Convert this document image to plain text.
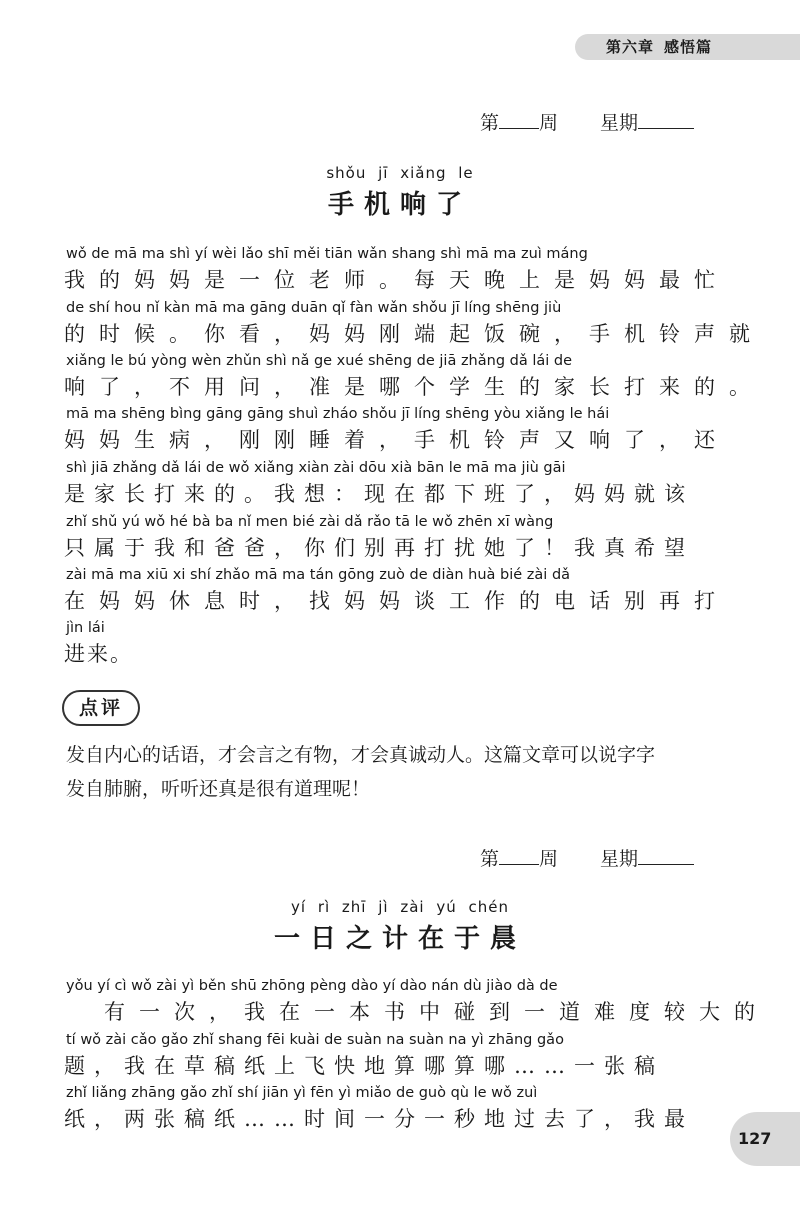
第六章 感悟篇
第 周 星期
shǒu jī xiǎng le
手机响了
wǒ de mā ma shì yí wèi lǎo shī měi tiān wǎn shang shì mā ma zuì máng
我的妈妈是一位老师。每天晚上是妈妈最忙
de shí hou nǐ kàn mā ma gāng duān qǐ fàn wǎn shǒu jī líng shēng jiù
的时候。你看，妈妈刚端起饭碗，手机铃声就
xiǎng le bú yòng wèn zhǔn shì nǎ ge xué shēng de jiā zhǎng dǎ lái de
响了，不用问，准是哪个学生的家长打来的。
mā ma shēng bìng gāng gāng shuì zháo shǒu jī líng shēng yòu xiǎng le hái
妈妈生病，刚刚睡着，手机铃声又响了，还
shì jiā zhǎng dǎ lái de wǒ xiǎng xiàn zài dōu xià bān le mā ma jiù gāi
是家长打来的。我想：现在都下班了，妈妈就该
zhǐ shǔ yú wǒ hé bà ba nǐ men bié zài dǎ rǎo tā le wǒ zhēn xī wàng
只属于我和爸爸，你们别再打扰她了！我真希望
zài mā ma xiū xi shí zhǎo mā ma tán gōng zuò de diàn huà bié zài dǎ
在妈妈休息时，找妈妈谈工作的电话别再打
jìn lái
进来。
点评
发自内心的话语，才会言之有物，才会真诚动人。这篇文章可以说字字
发自肺腑，听听还真是很有道理呢！
第 周 星期
yí rì zhī jì zài yú chén
一日之计在于晨
yǒu yí cì wǒ zài yì běn shū zhōng pèng dào yí dào nán dù jiào dà de
有一次，我在一本书中碰到一道难度较大的
tí wǒ zài cǎo gǎo zhǐ shang fēi kuài de suàn na suàn na yì zhāng gǎo
题，我在草稿纸上飞快地算哪算哪……一张稿
zhǐ liǎng zhāng gǎo zhǐ shí jiān yì fēn yì miǎo de guò qù le wǒ zuì
纸，两张稿纸……时间一分一秒地过去了，我最
127
